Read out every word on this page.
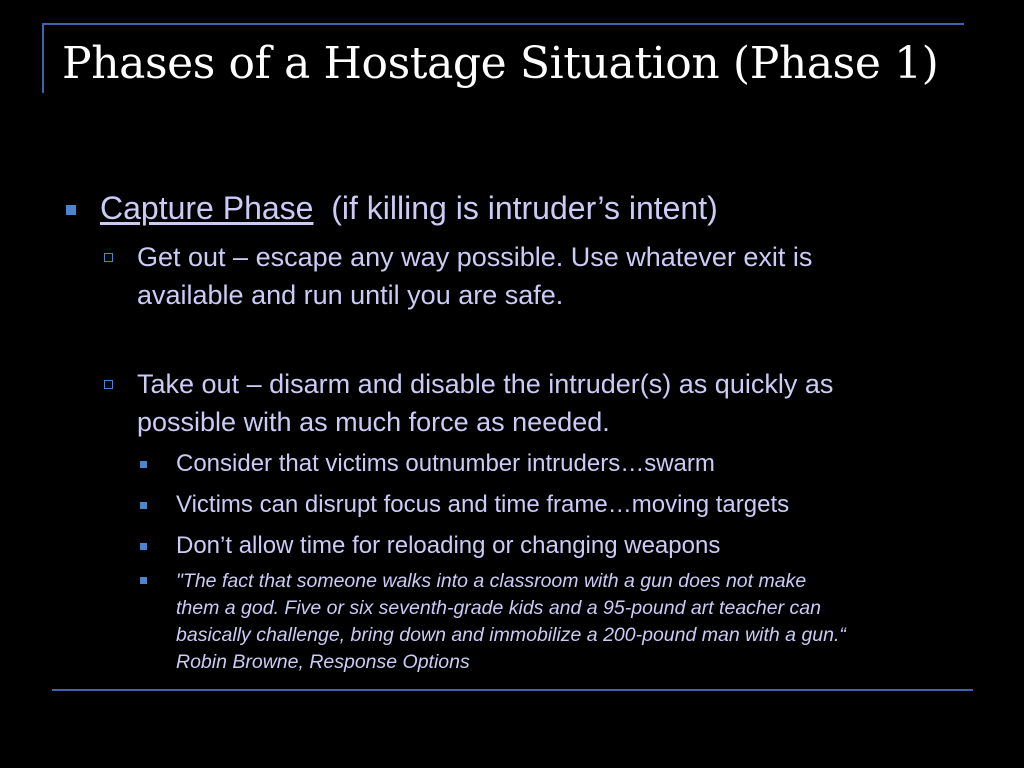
Phases of a Hostage Situation (Phase 1)
Capture Phase (if killing is intruder’s intent)
Get out – escape any way possible. Use whatever exit is
available and run until you are safe.
Take out – disarm and disable the intruder(s) as quickly as
possible with as much force as needed.
Consider that victims outnumber intruders…swarm
Victims can disrupt focus and time frame…moving targets
Don’t allow time for reloading or changing weapons
"The fact that someone walks into a classroom with a gun does not make
them a god. Five or six seventh-grade kids and a 95-pound art teacher can
basically challenge, bring down and immobilize a 200-pound man with a gun.“
Robin Browne, Response Options
